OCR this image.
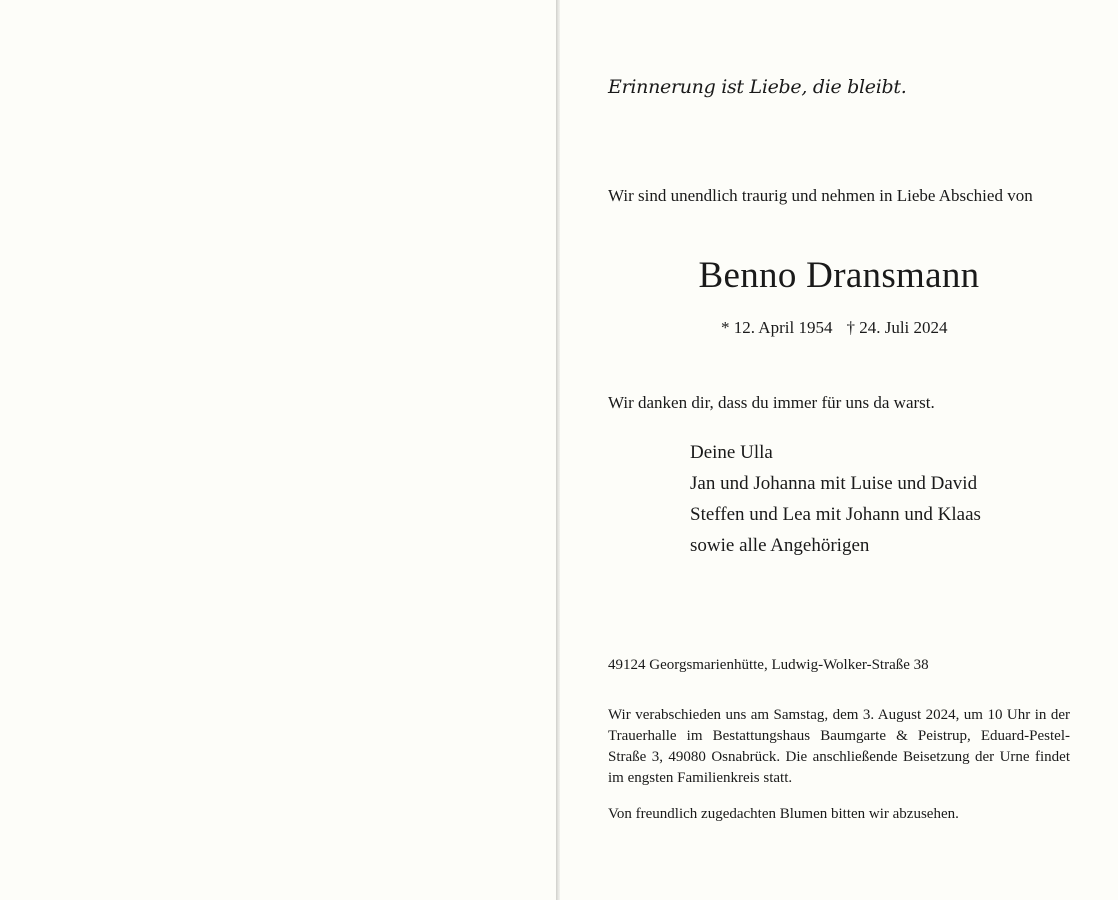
Erinnerung ist Liebe, die bleibt.
Wir sind unendlich traurig und nehmen in Liebe Abschied von
Benno Dransmann
* 12. April 1954 † 24. Juli 2024
Wir danken dir, dass du immer für uns da warst.
Deine Ulla
Jan und Johanna mit Luise und David
Steffen und Lea mit Johann und Klaas
sowie alle Angehörigen
49124 Georgsmarienhütte, Ludwig-Wolker-Straße 38

Wir verabschieden uns am Samstag, dem 3. August 2024, um 10 Uhr in der Trauerhalle im Bestattungshaus Baumgarte & Peistrup, Eduard-Pestel-Straße 3, 49080 Osnabrück. Die anschließende Beisetzung der Urne findet im engsten Familienkreis statt.

Von freundlich zugedachten Blumen bitten wir abzusehen.
